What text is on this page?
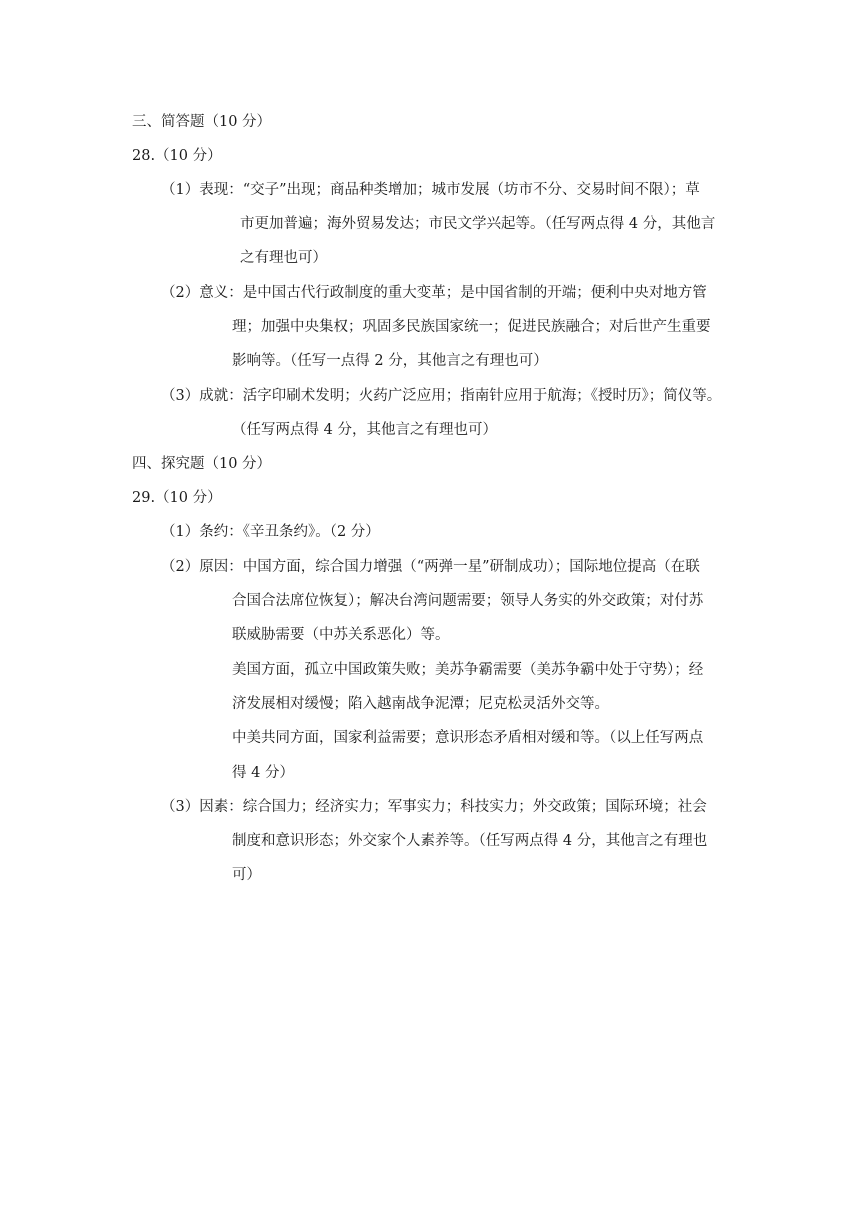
三、简答题（10 分）
28.（10 分）
（1）表现：“交子”出现；商品种类增加；城市发展（坊市不分、交易时间不限）；草
市更加普遍；海外贸易发达；市民文学兴起等。（任写两点得 4 分，其他言
之有理也可）
（2）意义：是中国古代行政制度的重大变革；是中国省制的开端；便利中央对地方管
理；加强中央集权；巩固多民族国家统一；促进民族融合；对后世产生重要
影响等。（任写一点得 2 分，其他言之有理也可）
（3）成就：活字印刷术发明；火药广泛应用；指南针应用于航海；《授时历》；简仪等。
（任写两点得 4 分，其他言之有理也可）
四、探究题（10 分）
29.（10 分）
（1）条约：《辛丑条约》。（2 分）
（2）原因：中国方面，综合国力增强（“两弹一星”研制成功）；国际地位提高（在联
合国合法席位恢复）；解决台湾问题需要；领导人务实的外交政策；对付苏
联威胁需要（中苏关系恶化）等。
美国方面，孤立中国政策失败；美苏争霸需要（美苏争霸中处于守势）；经
济发展相对缓慢；陷入越南战争泥潭；尼克松灵活外交等。
中美共同方面，国家利益需要；意识形态矛盾相对缓和等。（以上任写两点
得 4 分）
（3）因素：综合国力；经济实力；军事实力；科技实力；外交政策；国际环境；社会
制度和意识形态；外交家个人素养等。（任写两点得 4 分，其他言之有理也
可）
